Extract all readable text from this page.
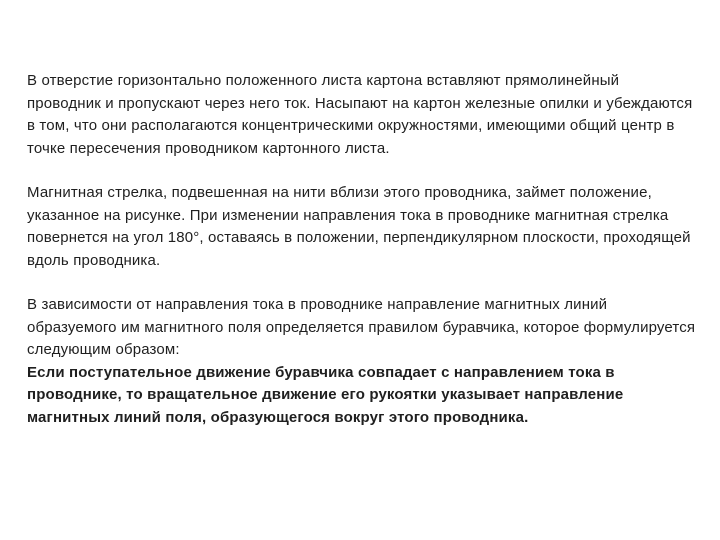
В отверстие горизонтально положенного листа картона вставляют прямолинейный проводник и пропускают через него ток. Насыпают на картон железные опилки и убеждаются в том, что они располагаются концентрическими окружностями, имеющими общий центр в точке пересечения проводником картонного листа.

Магнитная стрелка, подвешенная на нити вблизи этого проводника, займет положение, указанное на рисунке. При изменении направления тока в проводнике магнитная стрелка повернется на угол 180°, оставаясь в положении, перпендикулярном плоскости, проходящей вдоль проводника.

В зависимости от направления тока в проводнике направление магнитных линий образуемого им магнитного поля определяется правилом буравчика, которое формулируется следующим образом:
Если поступательное движение буравчика совпадает с направлением тока в проводнике, то вращательное движение его рукоятки указывает направление магнитных линий поля, образующегося вокруг этого проводника.
